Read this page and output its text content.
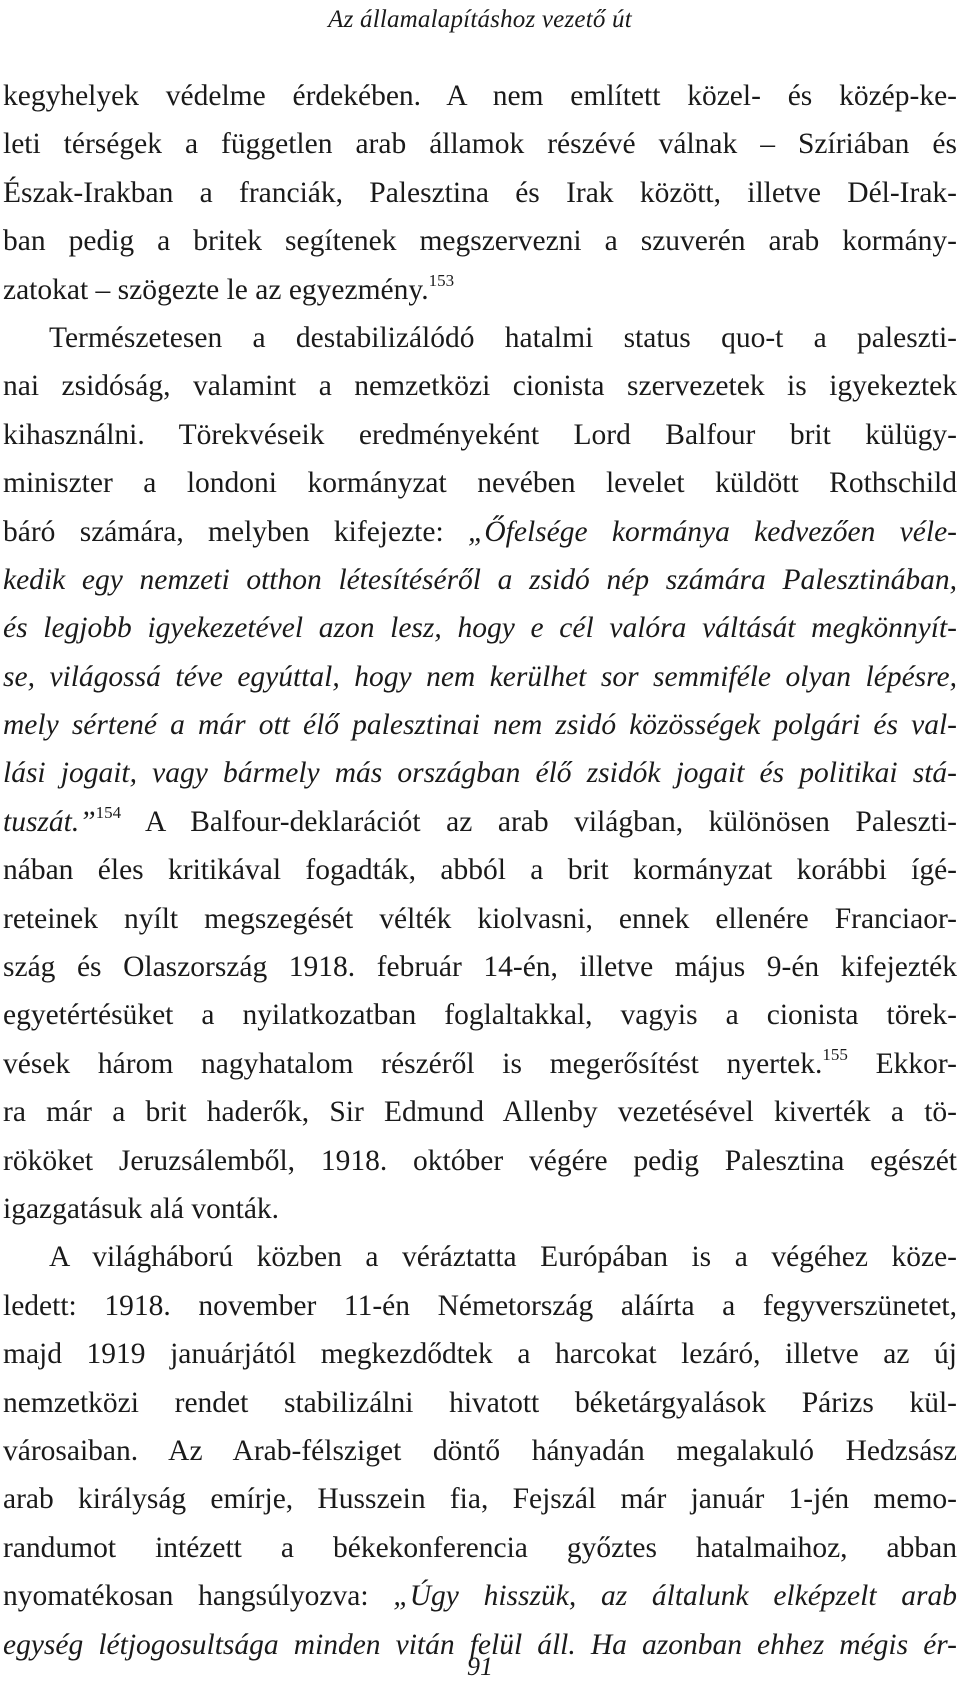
Az államalapításhoz vezető út
kegyhelyek védelme érdekében. A nem említett közel- és közép-ke-
leti térségek a független arab államok részévé válnak – Szíriában és
Észak-Irakban a franciák, Palesztina és Irak között, illetve Dél-Irak-
ban pedig a britek segítenek megszervezni a szuverén arab kormány-
zatokat – szögezte le az egyezmény.$^{153}$
Természetesen a destabilizálódó hatalmi status quo-t a paleszti-
nai zsidóság, valamint a nemzetközi cionista szervezetek is igyekeztek
kihasználni. Törekvéseik eredményeként Lord Balfour brit külügy-
miniszter a londoni kormányzat nevében levelet küldött Rothschild
báró számára, melyben kifejezte: „Őfelsége kormánya kedvezően véle-
kedik egy nemzeti otthon létesítéséről a zsidó nép számára Palesztinában,
és legjobb igyekezetével azon lesz, hogy e cél valóra váltását megkönnyít-
se, világossá téve egyúttal, hogy nem kerülhet sor semmiféle olyan lépésre,
mely sértené a már ott élő palesztinai nem zsidó közösségek polgári és val-
lási jogait, vagy bármely más országban élő zsidók jogait és politikai stá-
tuszát.”$^{154}$ A Balfour-deklarációt az arab világban, különösen Paleszti-
nában éles kritikával fogadták, abból a brit kormányzat korábbi ígé-
reteinek nyílt megszegését vélték kiolvasni, ennek ellenére Franciaor-
szág és Olaszország 1918. február 14-én, illetve május 9-én kifejezték
egyetértésüket a nyilatkozatban foglaltakkal, vagyis a cionista törek-
vések három nagyhatalom részéről is megerősítést nyertek.$^{155}$ Ekkor-
ra már a brit haderők, Sir Edmund Allenby vezetésével kiverték a tö-
rököket Jeruzsálemből, 1918. október végére pedig Palesztina egészét
igazgatásuk alá vonták.
A világháború közben a véráztatta Európában is a végéhez köze-
ledett: 1918. november 11-én Németország aláírta a fegyverszünetet,
majd 1919 januárjától megkezdődtek a harcokat lezáró, illetve az új
nemzetközi rendet stabilizálni hivatott béketárgyalások Párizs kül-
városaiban. Az Arab-félsziget döntő hányadán megalakuló Hedzsász
arab királyság emírje, Husszein fia, Fejszál már január 1-jén memo-
randumot intézett a békekonferencia győztes hatalmaihoz, abban
nyomatékosan hangsúlyozva: „Úgy hisszük, az általunk elképzelt arab
egység létjogosultsága minden vitán felül áll. Ha azonban ehhez mégis ér-
91
